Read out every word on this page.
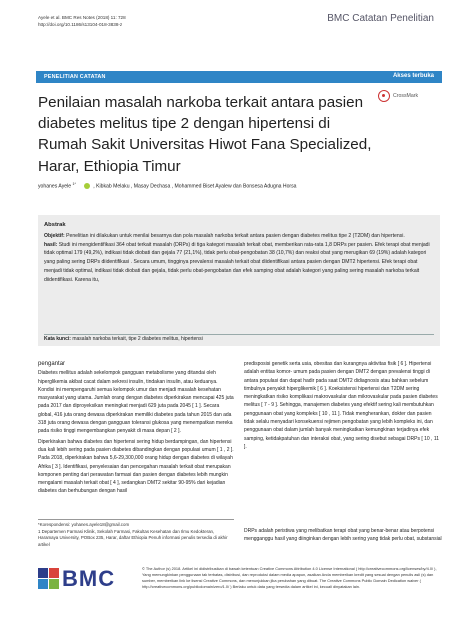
Ayele et al. BMC Res Notes (2018) 11: 728
http://doi.org/10.1186/s13104-018-3838-z
BMC Catatan Penelitian
PENELITIAN CATATAN	Akses terbuka
CrossMark
Penilaian masalah narkoba terkait antara pasien diabetes melitus tipe 2 dengan hipertensi di Rumah Sakit Universitas Hiwot Fana Specialized, Harar, Ethiopia Timur
yohanes Ayele $^{1*}$	, Kibkab Melaku , Masay Dechasa , Mohammed Biset Ayalew dan Bonsesa Adugna Horsa
Abstrak

Objektif: Penelitian ini dilakukan untuk menilai besarnya dan pola masalah narkoba terkait antara pasien dengan diabetes melitus tipe 2 (T2DM) dan hipertensi.

hasil: Studi ini mengidentifikasi 364 obat terkait masalah (DRPs) di tiga kategori masalah terkait obat, memberikan rata-rata 1,8 DRPs per pasien. Efek terapi obat menjadi tidak optimal 179 (49,2%), indikasi tidak diobati dan gejala 77 (21,1%), tidak perlu obat-pengobatan 38 (10,7%) dan reaksi obat yang merugikan 69 (19%) adalah kategori yang paling sering DRPs diidentifikasi . Secara umum, tingginya prevalensi masalah terkait obat diidentifikasi antara pasien dengan DMT2 hipertensi. Efek terapi obat menjadi tidak optimal, indikasi tidak diobati dan gejala, tidak perlu obat-pengobatan dan efek samping obat adalah kategori yang paling sering masalah narkoba terkait diidentifikasi. Karena itu,

Kata kunci: masalah narkoba terkait, tipe 2 diabetes melitus, hipertensi
pengantar

Diabetes mellitus adalah sekelompok gangguan metabolisme yang ditandai oleh hiperglikemia akibat cacat dalam sekresi insulin, tindakan insulin, atau keduanya. Kondisi ini mempengaruhi semua kelompok umur dan menjadi masalah kesehatan masyarakat yang utama. Jumlah orang dengan diabetes diperkirakan mencapai 425 juta pada 2017 dan diproyeksikan meningkat menjadi 629 juta pada 2045 [ 1 ]. Secara global, 416 juta orang dewasa diperkirakan memiliki diabetes pada tahun 2015 dan ada 318 juta orang dewasa dengan gangguan toleransi glukosa yang menempatkan mereka pada risiko tinggi mengembangkan penyakit di masa depan [ 2 ].

Diperkirakan bahwa diabetes dan hipertensi sering hidup berdampingan, dan hipertensi dua kali lebih sering pada pasien diabetes dibandingkan dengan populasi umum [ 1 , 2 ]. Pada 2018, diperkirakan bahwa 5,6-29,300,000 orang hidup dengan diabetes di wilayah Afrika [ 3 ]. Identifikasi, penyelesaian dan pencegahan masalah terkait obat merupakan komponen penting dari perawatan farmasi dan pasien dengan diabetes lebih mungkin mengalami masalah terkait obat [ 4 ], sedangkan DMT2 sekitar 90-95% dari kejadian diabetes dan berhubungan dengan hasil

predisposisi genetik serta usia, obesitas dan kurangnya aktivitas fisik [ 6 ]. Hipertensi adalah entitas komor- umum pada pasien dengan DMT2 dengan prevalensi tinggi di antara populasi dan dapat hadir pada saat DMT2 didiagnosis atau bahkan sebelum timbulnya penyakit hiperglikemik [ 6 ]. Koeksistensi hipertensi dan T2DM sering meningkatkan risiko komplikasi makrovaskular dan mikrovaskular pada pasien diabetes melitus [ 7 - 9 ]. Sehingga, manajemen diabetes yang efektif sering kali membutuhkan penggunaan obat yang kompleks [ 10 , 11 ]. Tidak mengherankan, dokter dan pasien tidak selalu menyadari konsekuensi rejimen pengobatan yang lebih kompleks ini, dan penggunaan obat dalam jumlah banyak meningkatkan kemungkinan terjadinya efek samping, ketidakpatuhan dan interaksi obat, yang sering disebut sebagai DRPs [ 10 , 11 ].

DRPs adalah peristiwa yang melibatkan terapi obat yang benar-benar atau berpotensi mengganggu hasil yang diinginkan dengan lebih sering yang tidak perlu obat, substansial

*Korespondensi: yohanes.ayele18@gmail.com
1 Departemen Farmasi Klinik, Sekolah Farmasi, Fakultas Kesehatan dan Ilmu Kedokteran, Haramaya University, POBox 235, Harar, daftar Ethiopia Penuh informasi penulis tersedia di akhir artikel
BMC	© The Author (s) 2018. Artikel ini didistribusikan di bawah ketentuan Creative Commons Attribution 4.0 License International ( http://creativecommons.org/licenses/by/4.0/ ), Yang memungkinkan penggunaan tak terbatas, distribusi, dan reproduksi dalam media apapun, asalkan Anda memberikan kredit yang sesuai dengan penulis asli (s) dan sumber, memberikan link ke lisensi Creative Commons, dan menunjukkan jika perubahan yang dibuat. The Creative Commons Public Domain Dedication waiver ( http://creativecommons.org/publicdomain/zero/1.0/ ) Berlaku untuk data yang tersedia dalam artikel ini, kecuali dinyatakan lain.
